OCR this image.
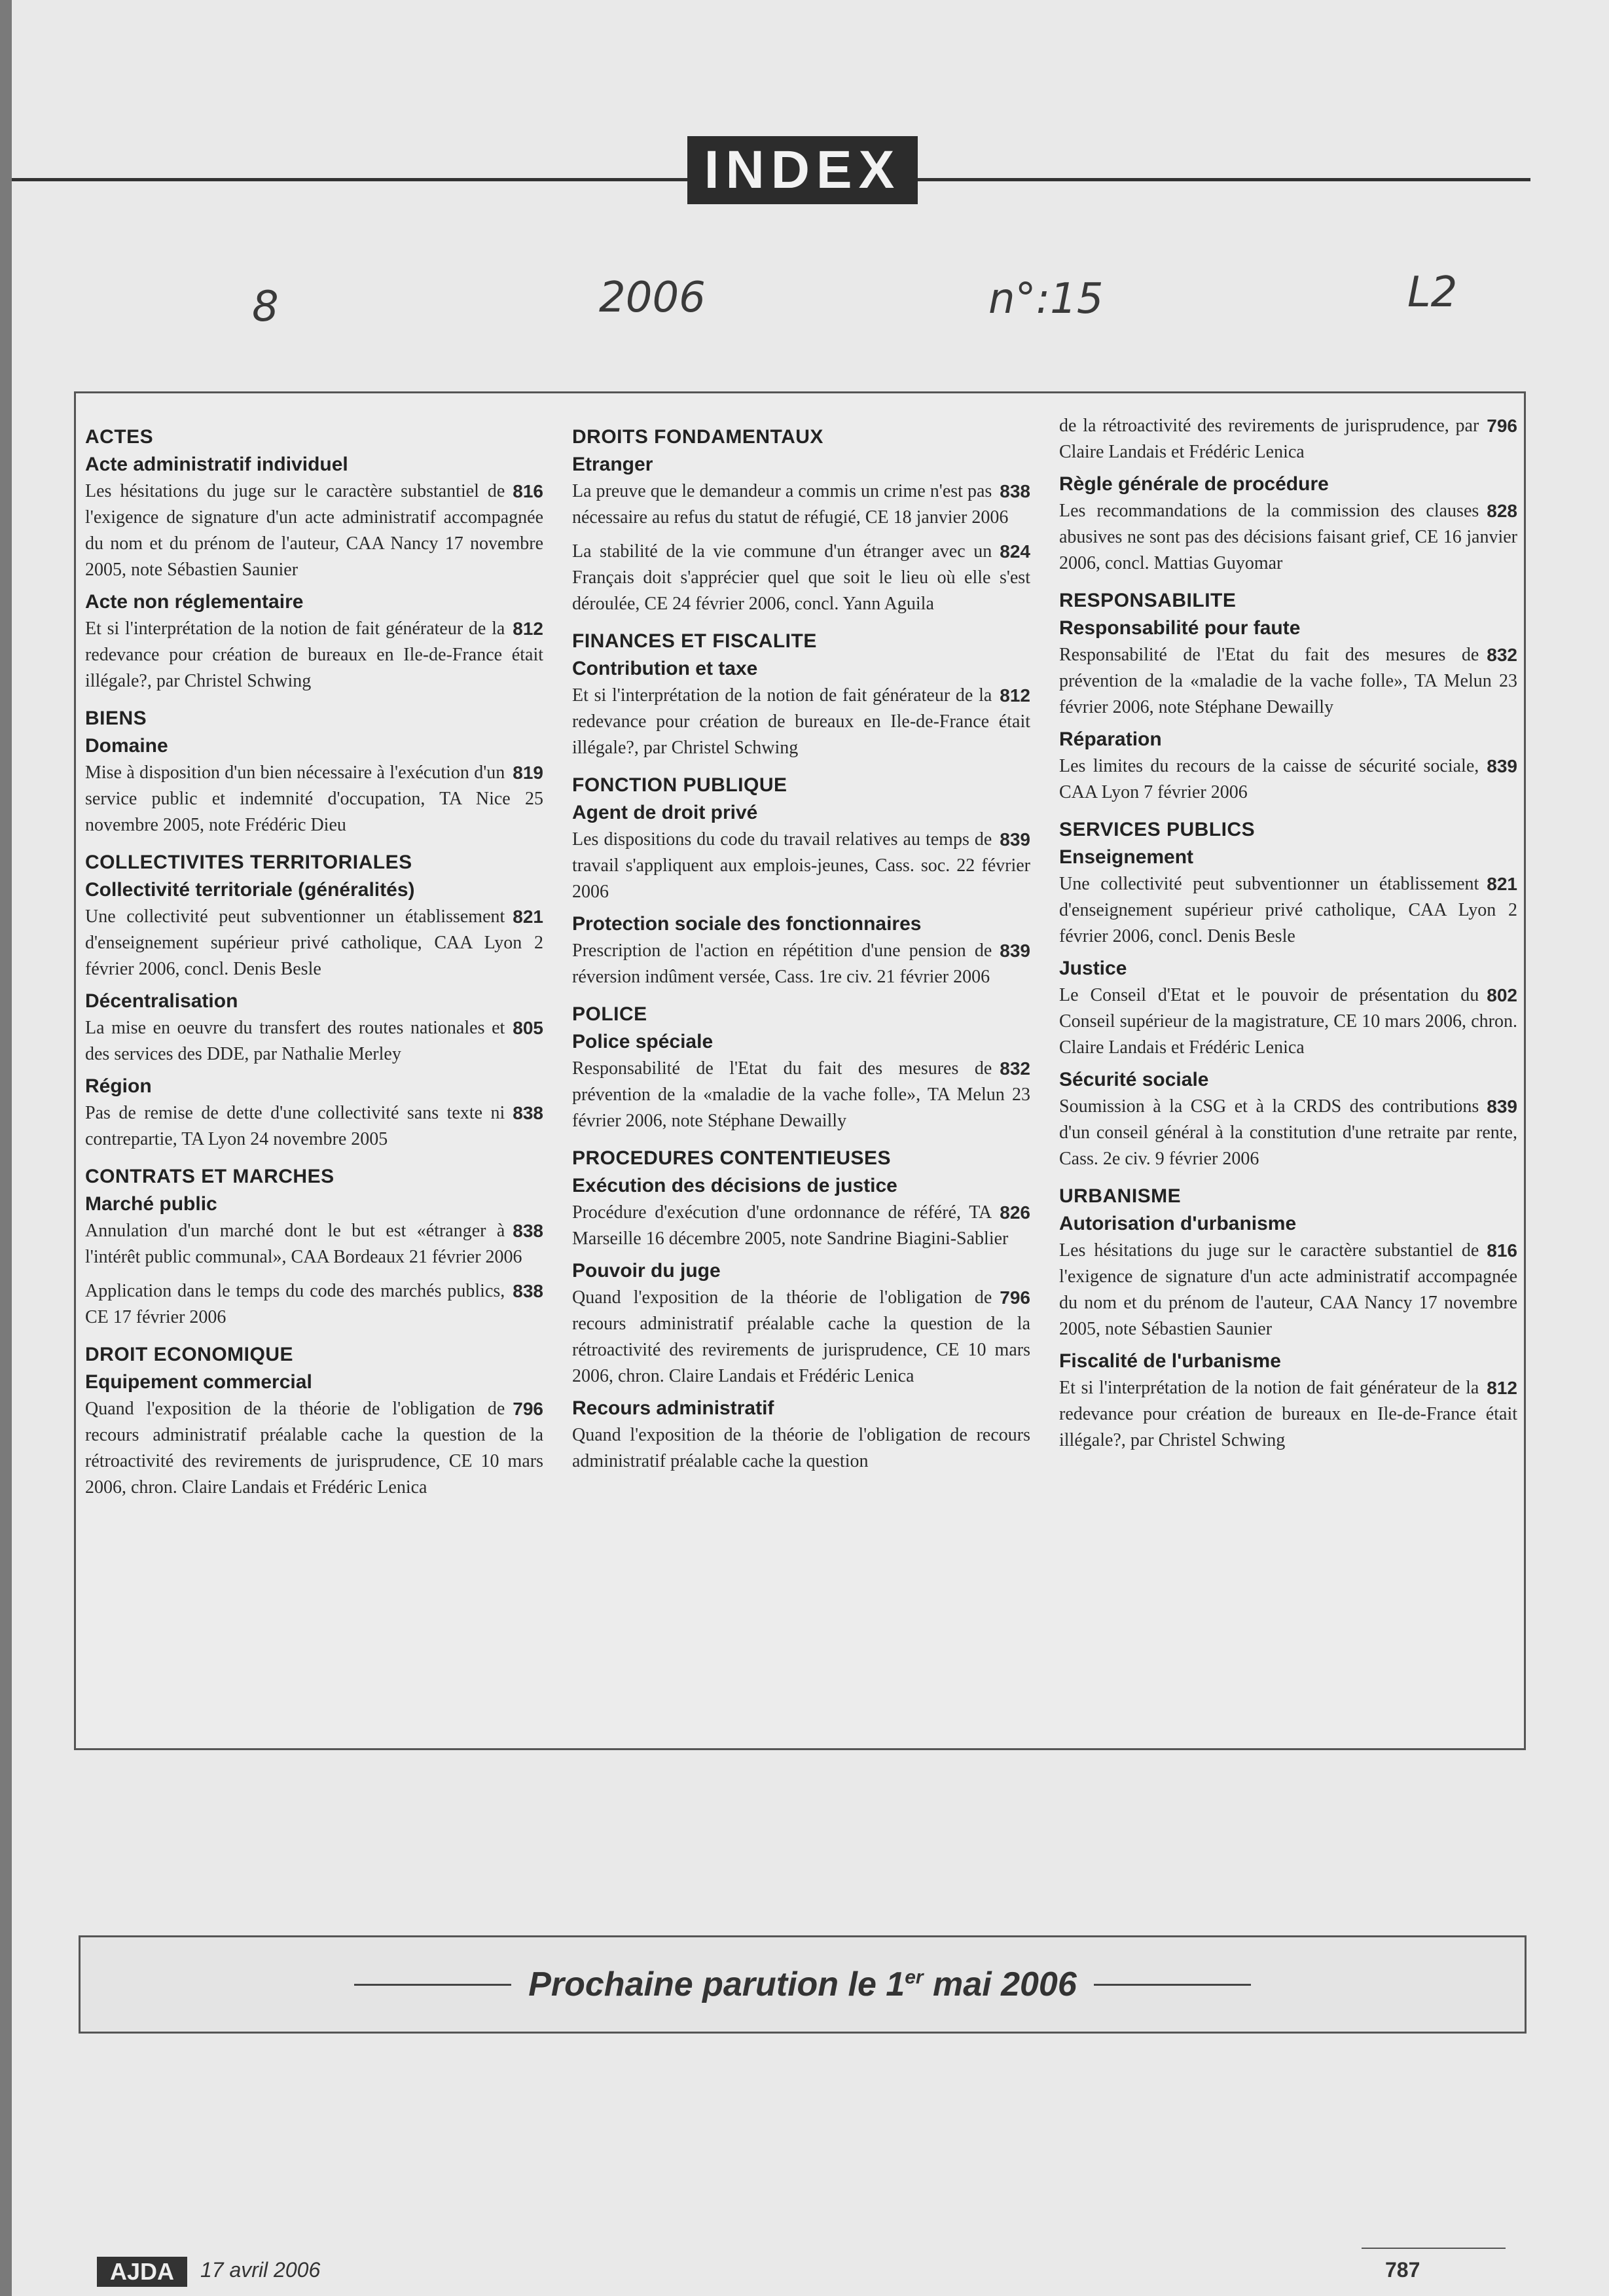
INDEX
8	2006	n°:15	L2
ACTES
Acte administratif individuel
816
Les hésitations du juge sur le caractère substantiel de l'exigence de signature d'un acte administratif accompagnée du nom et du prénom de l'auteur, CAA Nancy 17 novembre 2005, note Sébastien Saunier
Acte non réglementaire
812
Et si l'interprétation de la notion de fait générateur de la redevance pour création de bureaux en Ile-de-France était illégale?, par Christel Schwing
BIENS
Domaine
819
Mise à disposition d'un bien nécessaire à l'exécution d'un service public et indemnité d'occupation, TA Nice 25 novembre 2005, note Frédéric Dieu
COLLECTIVITES TERRITORIALES
Collectivité territoriale (généralités)
821
Une collectivité peut subventionner un établissement d'enseignement supérieur privé catholique, CAA Lyon 2 février 2006, concl. Denis Besle
Décentralisation
805
La mise en oeuvre du transfert des routes nationales et des services des DDE, par Nathalie Merley
Région
838
Pas de remise de dette d'une collectivité sans texte ni contrepartie, TA Lyon 24 novembre 2005
CONTRATS ET MARCHES
Marché public
838
Annulation d'un marché dont le but est «étranger à l'intérêt public communal», CAA Bordeaux 21 février 2006
838
Application dans le temps du code des marchés publics, CE 17 février 2006
DROIT ECONOMIQUE
Equipement commercial
796
Quand l'exposition de la théorie de l'obligation de recours administratif préalable cache la question de la rétroactivité des revirements de jurisprudence, CE 10 mars 2006, chron. Claire Landais et Frédéric Lenica
DROITS FONDAMENTAUX
Etranger
838
La preuve que le demandeur a commis un crime n'est pas nécessaire au refus du statut de réfugié, CE 18 janvier 2006
824
La stabilité de la vie commune d'un étranger avec un Français doit s'apprécier quel que soit le lieu où elle s'est déroulée, CE 24 février 2006, concl. Yann Aguila
FINANCES ET FISCALITE
Contribution et taxe
812
Et si l'interprétation de la notion de fait générateur de la redevance pour création de bureaux en Ile-de-France était illégale?, par Christel Schwing
FONCTION PUBLIQUE
Agent de droit privé
839
Les dispositions du code du travail relatives au temps de travail s'appliquent aux emplois-jeunes, Cass. soc. 22 février 2006
Protection sociale des fonctionnaires
839
Prescription de l'action en répétition d'une pension de réversion indûment versée, Cass. 1re civ. 21 février 2006
POLICE
Police spéciale
832
Responsabilité de l'Etat du fait des mesures de prévention de la «maladie de la vache folle», TA Melun 23 février 2006, note Stéphane Dewailly
PROCEDURES CONTENTIEUSES
Exécution des décisions de justice
826
Procédure d'exécution d'une ordonnance de référé, TA Marseille 16 décembre 2005, note Sandrine Biagini-Sablier
Pouvoir du juge
796
Quand l'exposition de la théorie de l'obligation de recours administratif préalable cache la question de la rétroactivité des revirements de jurisprudence, CE 10 mars 2006, chron. Claire Landais et Frédéric Lenica
Recours administratif
Quand l'exposition de la théorie de l'obligation de recours administratif préalable cache la question
796
de la rétroactivité des revirements de jurisprudence, par Claire Landais et Frédéric Lenica
Règle générale de procédure
828
Les recommandations de la commission des clauses abusives ne sont pas des décisions faisant grief, CE 16 janvier 2006, concl. Mattias Guyomar
RESPONSABILITE
Responsabilité pour faute
832
Responsabilité de l'Etat du fait des mesures de prévention de la «maladie de la vache folle», TA Melun 23 février 2006, note Stéphane Dewailly
Réparation
839
Les limites du recours de la caisse de sécurité sociale, CAA Lyon 7 février 2006
SERVICES PUBLICS
Enseignement
821
Une collectivité peut subventionner un établissement d'enseignement supérieur privé catholique, CAA Lyon 2 février 2006, concl. Denis Besle
Justice
802
Le Conseil d'Etat et le pouvoir de présentation du Conseil supérieur de la magistrature, CE 10 mars 2006, chron. Claire Landais et Frédéric Lenica
Sécurité sociale
839
Soumission à la CSG et à la CRDS des contributions d'un conseil général à la constitution d'une retraite par rente, Cass. 2e civ. 9 février 2006
URBANISME
Autorisation d'urbanisme
816
Les hésitations du juge sur le caractère substantiel de l'exigence de signature d'un acte administratif accompagnée du nom et du prénom de l'auteur, CAA Nancy 17 novembre 2005, note Sébastien Saunier
Fiscalité de l'urbanisme
812
Et si l'interprétation de la notion de fait générateur de la redevance pour création de bureaux en Ile-de-France était illégale?, par Christel Schwing
Prochaine parution le 1er mai 2006
AJDA	17 avril 2006	787
